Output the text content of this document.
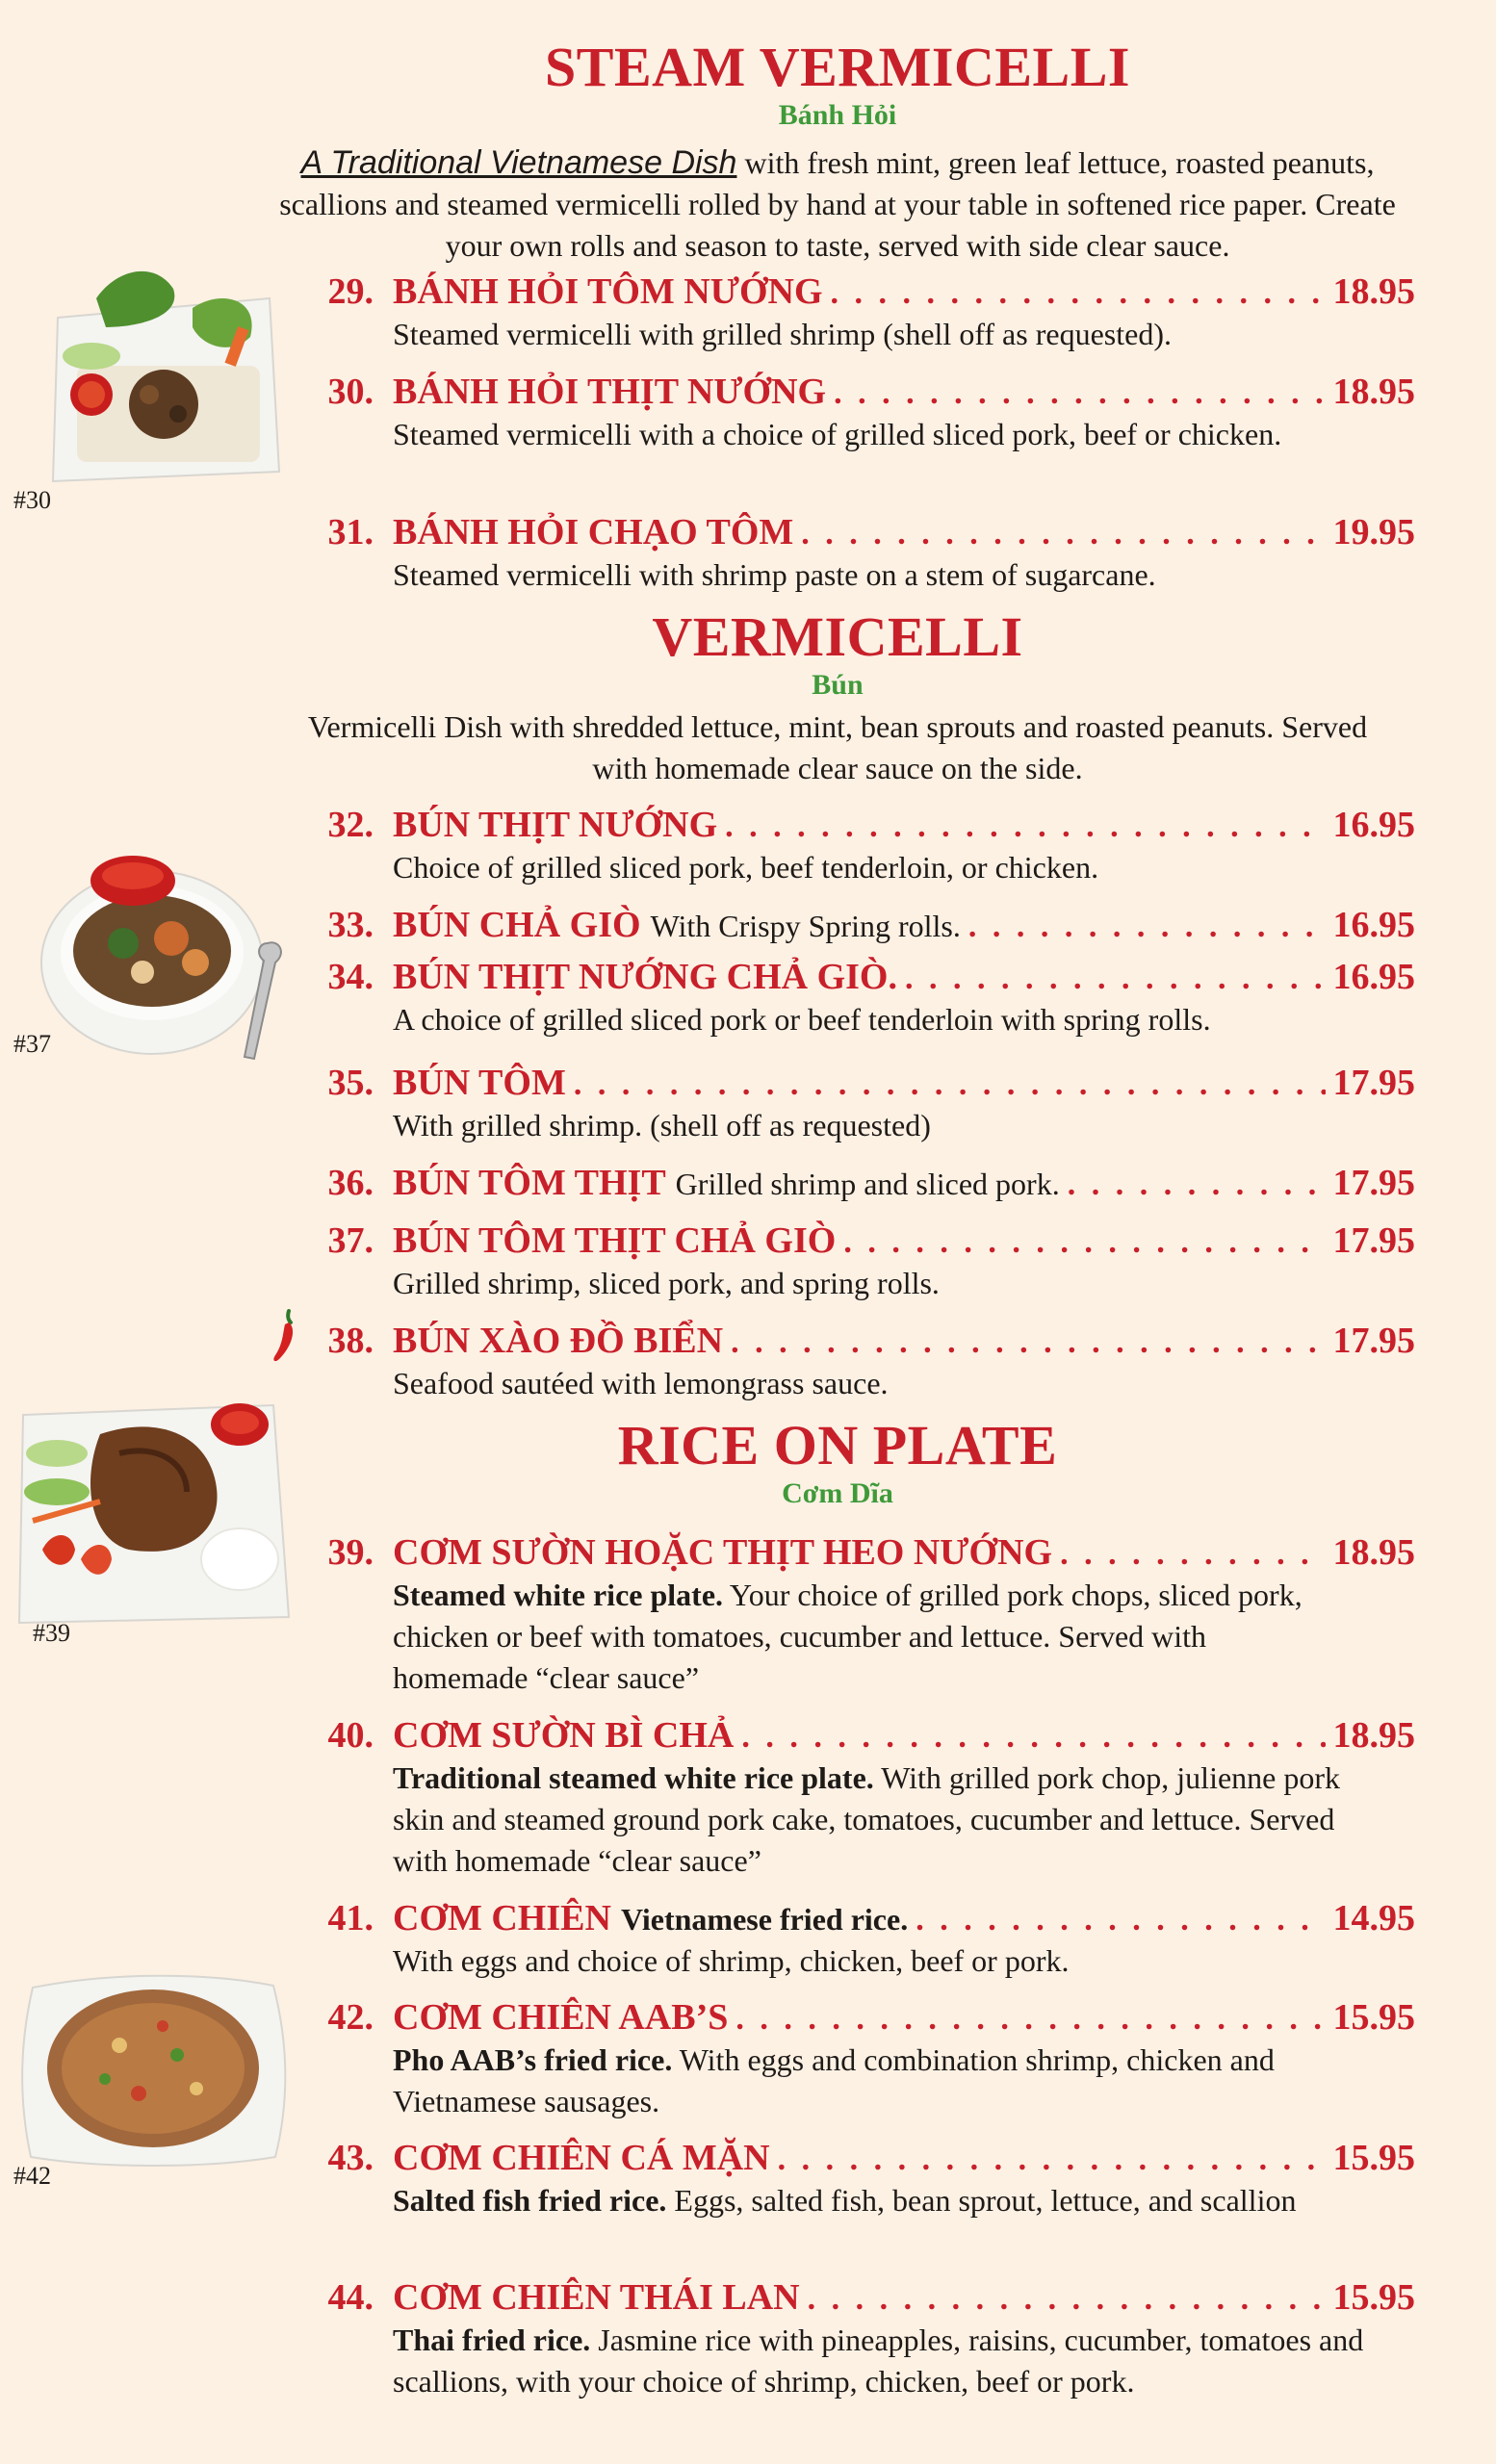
STEAM VERMICELLI
Bánh Hỏi
A Traditional Vietnamese Dish with fresh mint, green leaf lettuce, roasted peanuts, scallions and steamed vermicelli rolled by hand at your table in softened rice paper. Create your own rolls and season to taste, served with side clear sauce.
29. BÁNH HỎI TÔM NƯỚNG . . .	18.95
Steamed vermicelli with grilled shrimp (shell off as requested).
30. BÁNH HỎI THỊT NƯỚNG . . .	18.95
Steamed vermicelli with a choice of grilled sliced pork, beef or chicken.
31. BÁNH HỎI CHẠO TÔM . . .	19.95
Steamed vermicelli with shrimp paste on a stem of sugarcane.
VERMICELLI
Bún
Vermicelli Dish with shredded lettuce, mint, bean sprouts and roasted peanuts. Served with homemade clear sauce on the side.
32. BÚN THỊT NƯỚNG . . .	16.95
Choice of grilled sliced pork, beef tenderloin, or chicken.
33. BÚN CHẢ GIÒ With Crispy Spring rolls. . . .	16.95
34. BÚN THỊT NƯỚNG CHẢ GIÒ. . . .	16.95
A choice of grilled sliced pork or beef tenderloin with spring rolls.
35. BÚN TÔM . . .	17.95
With grilled shrimp. (shell off as requested)
36. BÚN TÔM THỊT Grilled shrimp and sliced pork. . . .	17.95
37. BÚN TÔM THỊT CHẢ GIÒ . . .	17.95
Grilled shrimp, sliced pork, and spring rolls.
38. BÚN XÀO ĐỒ BIỂN . . .	17.95
Seafood sautéed with lemongrass sauce.
RICE ON PLATE
Cơm Dĩa
39. CƠM SƯỜN HOẶC THỊT HEO NƯỚNG . . .	18.95
Steamed white rice plate. Your choice of grilled pork chops, sliced pork, chicken or beef with tomatoes, cucumber and lettuce. Served with homemade “clear sauce”
40. CƠM SƯỜN BÌ CHẢ . . .	18.95
Traditional steamed white rice plate. With grilled pork chop, julienne pork skin and steamed ground pork cake, tomatoes, cucumber and lettuce. Served with homemade “clear sauce”
41. CƠM CHIÊN Vietnamese fried rice. . . .	14.95
With eggs and choice of shrimp, chicken, beef or pork.
42. CƠM CHIÊN AAB’S . . .	15.95
Pho AAB’s fried rice. With eggs and combination shrimp, chicken and Vietnamese sausages.
43. CƠM CHIÊN CÁ MẶN . . .	15.95
Salted fish fried rice. Eggs, salted fish, bean sprout, lettuce, and scallion
44. CƠM CHIÊN THÁI LAN . . .	15.95
Thai fried rice. Jasmine rice with pineapples, raisins, cucumber, tomatoes and scallions, with your choice of shrimp, chicken, beef or pork.
#30
#37
#39
#42
